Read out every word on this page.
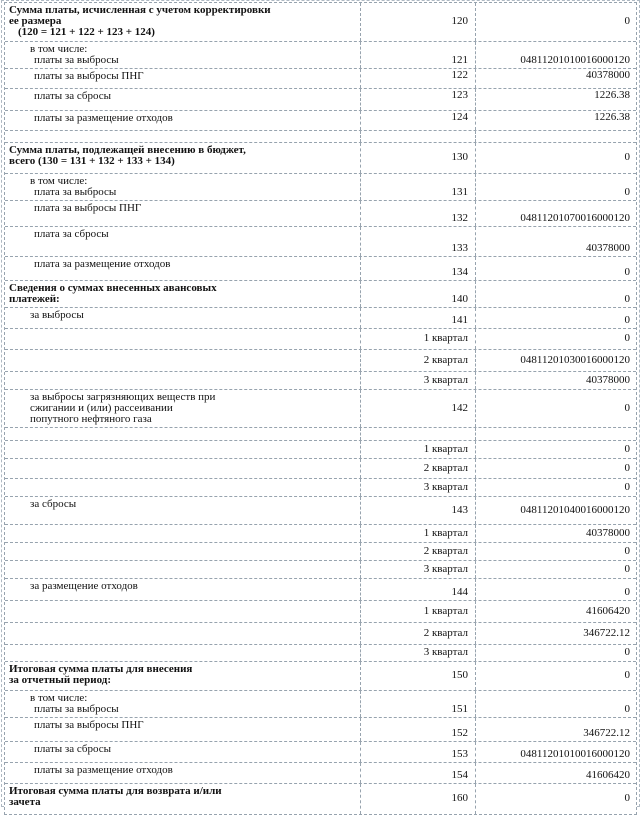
Сумма платы, исчисленная с учетом корректировки
ее размера
(120 = 121 + 122 + 123 + 124)
120	0
в том числе:
платы за выбросы	121	04811201010016000120
платы за выбросы ПНГ	122	40378000
платы за сбросы	123	1226.38
платы за размещение отходов	124	1226.38
Сумма платы, подлежащей внесению в бюджет,
всего (130 = 131 + 132 + 133 + 134)	130	0
в том числе:
плата за выбросы	131	0
плата за выбросы ПНГ
132	04811201070016000120
плата за сбросы
133	40378000
плата за размещение отходов
134	0
Сведения о суммах внесенных авансовых
платежей:	140	0
за выбросы	141	0
1 квартал	0
2 квартал	04811201030016000120
3 квартал	40378000
за выбросы загрязняющих веществ при
сжигании и (или) рассеивании
попутного нефтяного газа
142	0
1 квартал	0
2 квартал	0
3 квартал	0
за сбросы	143	04811201040016000120
1 квартал	40378000
2 квартал	0
3 квартал	0
за размещение отходов	144	0
1 квартал	41606420
2 квартал	346722.12
3 квартал	0
Итоговая сумма платы для внесения
за отчетный период:	150	0
в том числе:
платы за выбросы	151	0
платы за выбросы ПНГ
152	346722.12
платы за сбросы	153	04811201010016000120
платы за размещение отходов	154	41606420
Итоговая сумма платы для возврата и/или
зачета	160	0
